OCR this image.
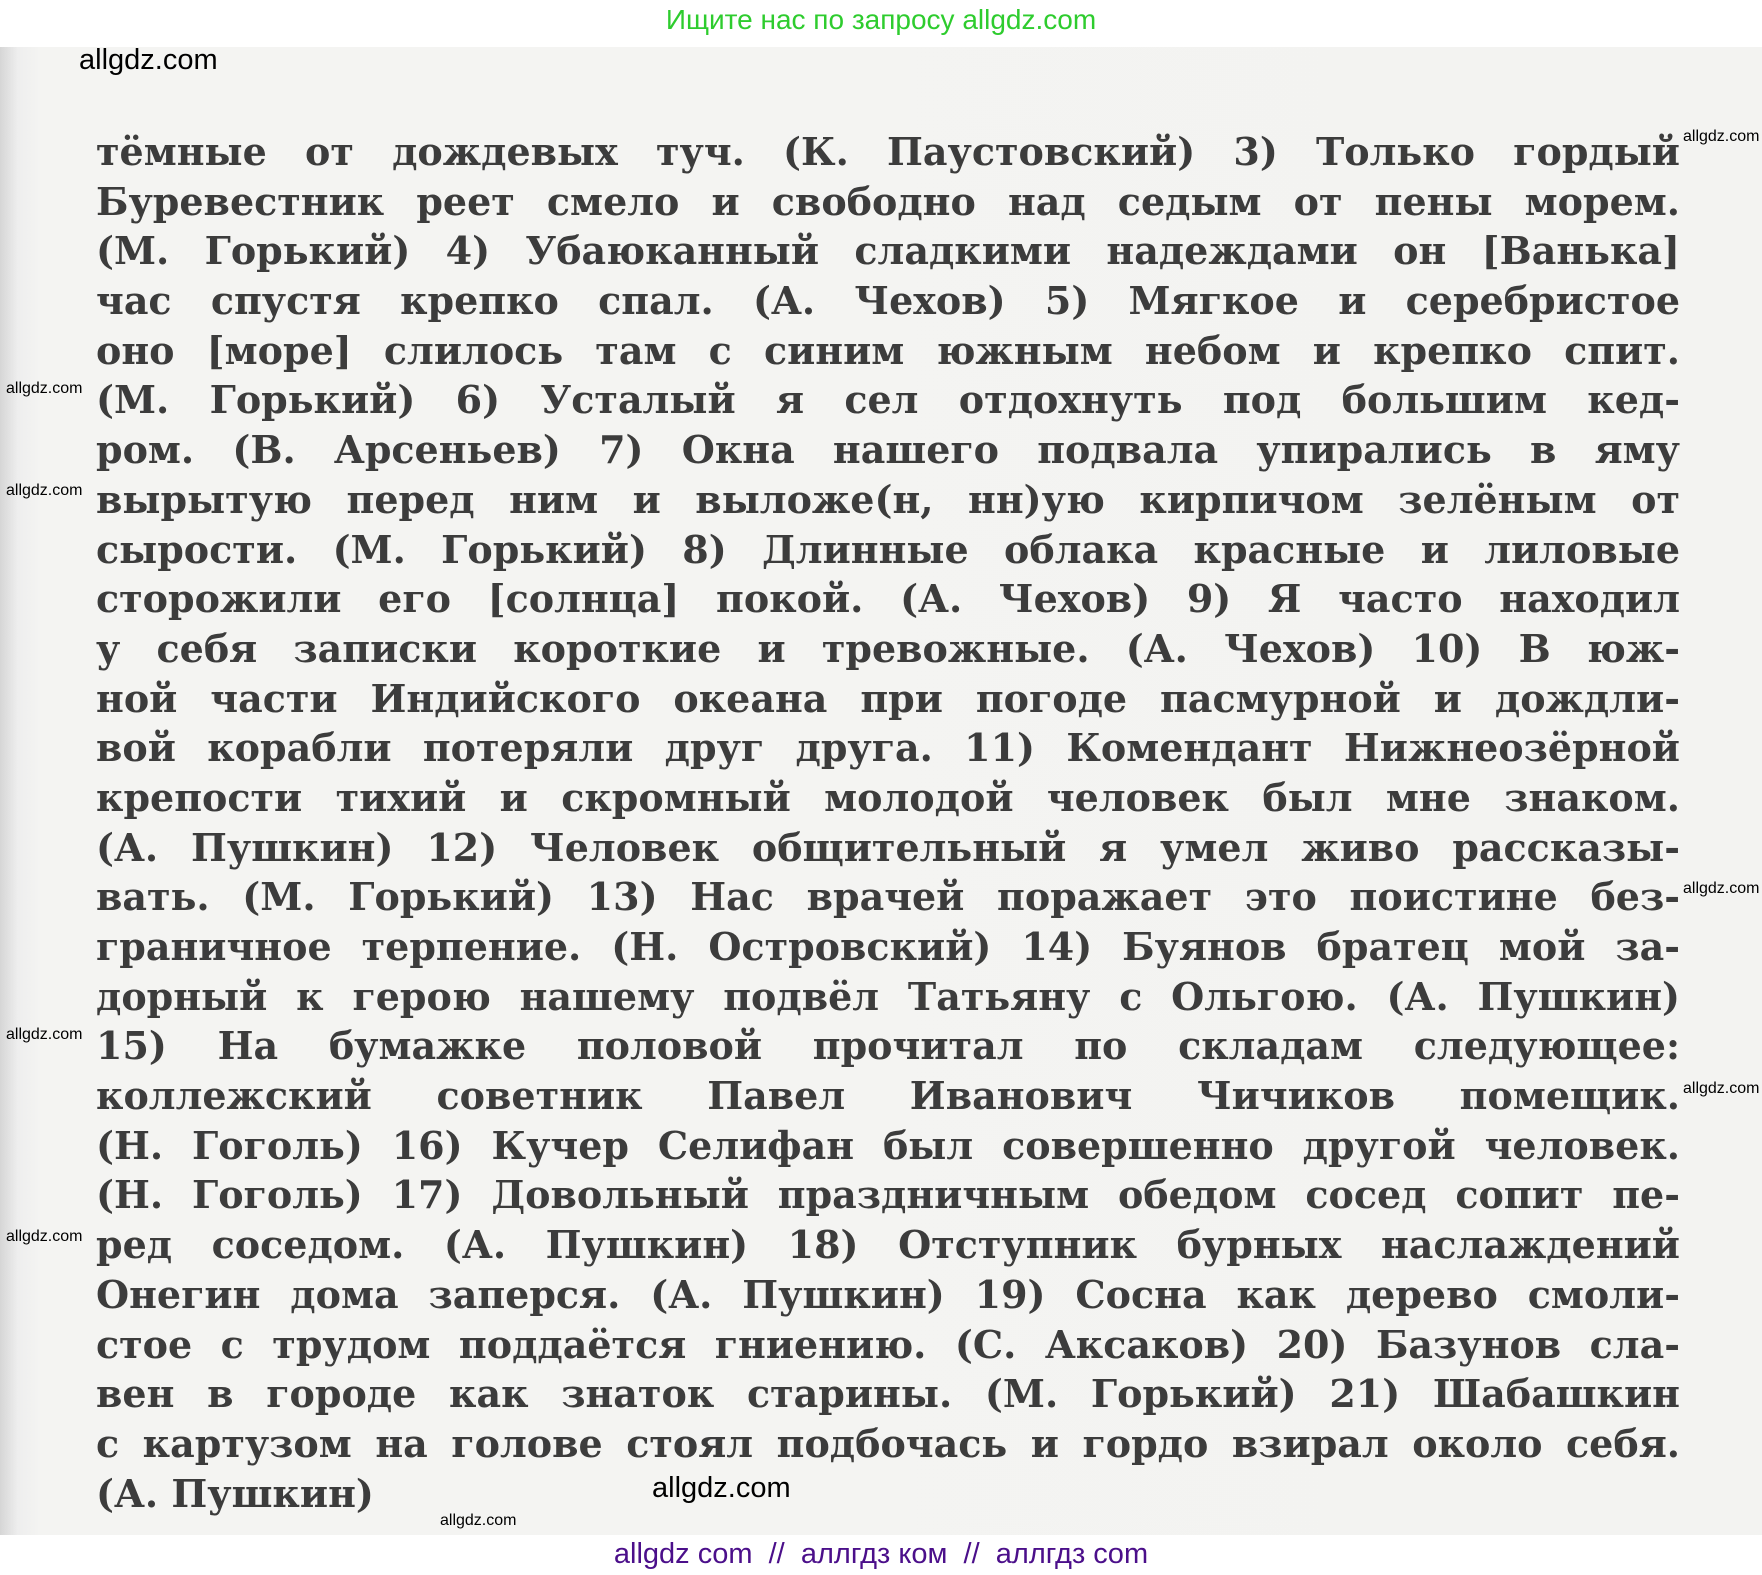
Ищите нас по запросу allgdz.com
тёмные от дождевых туч. (К. Паустовский) 3) Только гордый
Буревестник реет смело и свободно над седым от пены морем.
(М. Горький) 4) Убаюканный сладкими надеждами он [Ванька]
час спустя крепко спал. (А. Чехов) 5) Мягкое и серебристое
оно [море] слилось там с синим южным небом и крепко спит.
(М. Горький) 6) Усталый я сел отдохнуть под большим кед-
ром. (В. Арсеньев) 7) Окна нашего подвала упирались в яму
вырытую перед ним и выложе(н, нн)ую кирпичом зелёным от
сырости. (М. Горький) 8) Длинные облака красные и лиловые
сторожили его [солнца] покой. (А. Чехов) 9) Я часто находил
у себя записки короткие и тревожные. (А. Чехов) 10) В юж-
ной части Индийского океана при погоде пасмурной и дождли-
вой корабли потеряли друг друга. 11) Комендант Нижнеозёрной
крепости тихий и скромный молодой человек был мне знаком.
(А. Пушкин) 12) Человек общительный я умел живо рассказы-
вать. (М. Горький) 13) Нас врачей поражает это поистине без-
граничное терпение. (Н. Островский) 14) Буянов братец мой за-
дорный к герою нашему подвёл Татьяну с Ольгою. (А. Пушкин)
15) На бумажке половой прочитал по складам следующее:
коллежский советник Павел Иванович Чичиков помещик.
(Н. Гоголь) 16) Кучер Селифан был совершенно другой человек.
(Н. Гоголь) 17) Довольный праздничным обедом сосед сопит пе-
ред соседом. (А. Пушкин) 18) Отступник бурных наслаждений
Онегин дома заперся. (А. Пушкин) 19) Сосна как дерево смоли-
стое с трудом поддаётся гниению. (С. Аксаков) 20) Базунов сла-
вен в городе как знаток старины. (М. Горький) 21) Шабашкин
с картузом на голове стоял подбочась и гордо взирал около себя.
(А. Пушкин)
allgdz.com
allgdz.com
allgdz.com
allgdz.com
allgdz.com
allgdz.com
allgdz.com
allgdz.com
allgdz.com
allgdz.com
allgdz com  //  аллгдз ком  //  аллгдз com
